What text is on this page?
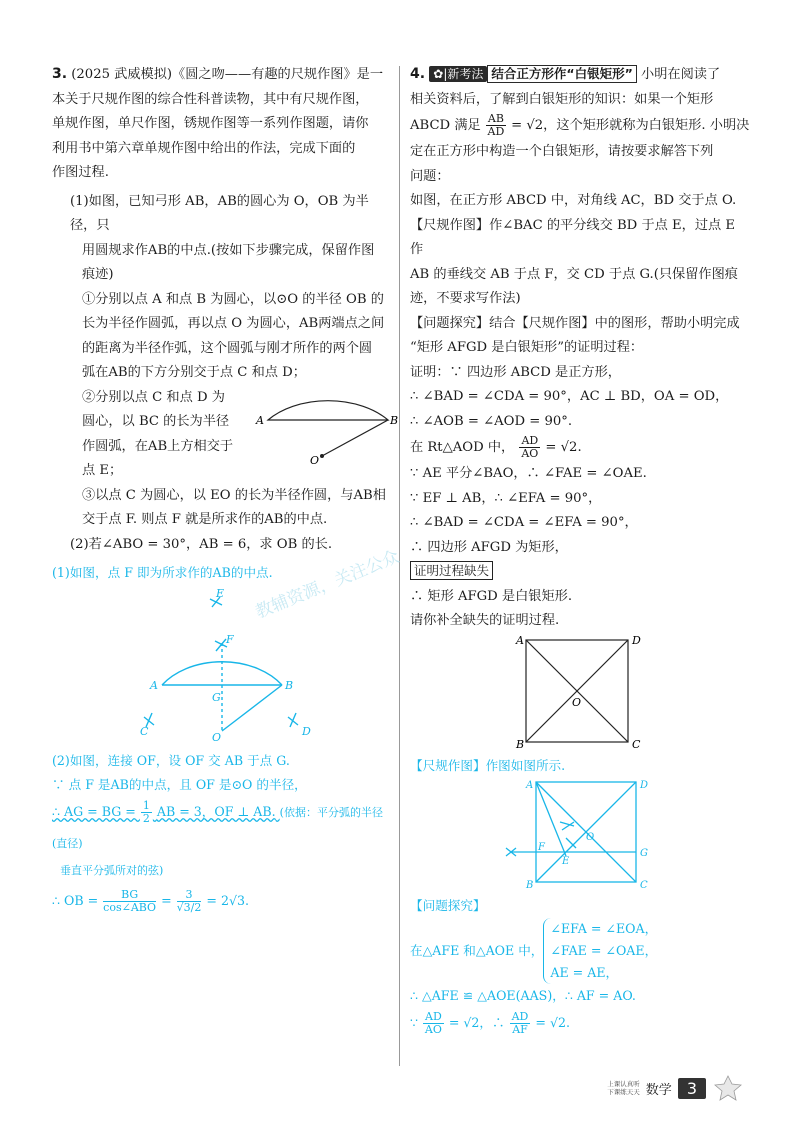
3. (2025 武威模拟)《圆之吻——有趣的尺规作图》是一

本关于尺规作图的综合性科普读物，其中有尺规作图，

单规作图，单尺作图，锈规作图等一系列作图题，请你

利用书中第六章单规作图中给出的作法，完成下面的

作图过程.

(1)如图，已知弓形 AB，AB的圆心为 O，OB 为半径，只

用圆规求作AB的中点.(按如下步骤完成，保留作图

痕迹)

①分别以点 A 和点 B 为圆心，以⊙O 的半径 OB 的

长为半径作圆弧，再以点 O 为圆心，AB两端点之间

的距离为半径作弧，这个圆弧与刚才所作的两个圆

弧在AB的下方分别交于点 C 和点 D；

②分别以点 C 和点 D 为

圆心，以 BC 的长为半径

作圆弧，在AB上方相交于

点 E；

A	B
O

③以点 C 为圆心，以 EO 的长为半径作圆，与AB相

交于点 F. 则点 F 就是所求作的AB的中点.

(2)若∠ABO = 30°，AB = 6，求 OB 的长.

(1)如图，点 F 即为所求作的AB的中点.

E
F
A	B
G
O
C	D

(2)如图，连接 OF，设 OF 交 AB 于点 G.

∵ 点 F 是AB的中点，且 OF 是⊙O 的半径，

∴ AG = BG = $\frac{1}{2}$ AB = 3，OF ⊥ AB. (依据：平分弧的半径(直径)

垂直平分弧所对的弦)

∴ OB = $\frac{BG}{\text{cos∠ABO}} = \frac{3}{√3/2} = 2√3$.

4. ✿|新考法 结合正方形作“白银矩形” 小明在阅读了

相关资料后，了解到白银矩形的知识：如果一个矩形

ABCD 满足 $\frac{AB}{AD} = √2$，这个矩形就称为白银矩形. 小明决

定在正方形中构造一个白银矩形，请按要求解答下列

问题：

如图，在正方形 ABCD 中，对角线 AC，BD 交于点 O.

【尺规作图】作∠BAC 的平分线交 BD 于点 E，过点 E 作

AB 的垂线交 AB 于点 F，交 CD 于点 G.(只保留作图痕

迹，不要求写作法)

【问题探究】结合【尺规作图】中的图形，帮助小明完成

“矩形 AFGD 是白银矩形”的证明过程：

证明：∵ 四边形 ABCD 是正方形，

∴ ∠BAD = ∠CDA = 90°，AC ⊥ BD，OA = OD，

∴ ∠AOB = ∠AOD = 90°.

在 Rt△AOD 中， $\frac{AD}{AO} = √2$.

∵ AE 平分∠BAO，∴ ∠FAE = ∠OAE.

∵ EF ⊥ AB，∴ ∠EFA = 90°，

∴ ∠BAD = ∠CDA = ∠EFA = 90°，

∴ 四边形 AFGD 为矩形，

证明过程缺失

∴ 矩形 AFGD 是白银矩形.

请你补全缺失的证明过程.

A	D
B	C
O

【尺规作图】作图如图所示.

A	D
B	C
O
E
F
G

【问题探究】

在△AFE 和△AOE 中，
∠EFA = ∠EOA，
∠FAE = ∠OAE，
AE = AE，

∴ △AFE ≌ △AOE(AAS)，∴ AF = AO.

∵ $\frac{AD}{AO} = √2$，∴ $\frac{AD}{AF} = √2$.

教辅资源，关注公众
上课认真听
下课练天天 数学 3
